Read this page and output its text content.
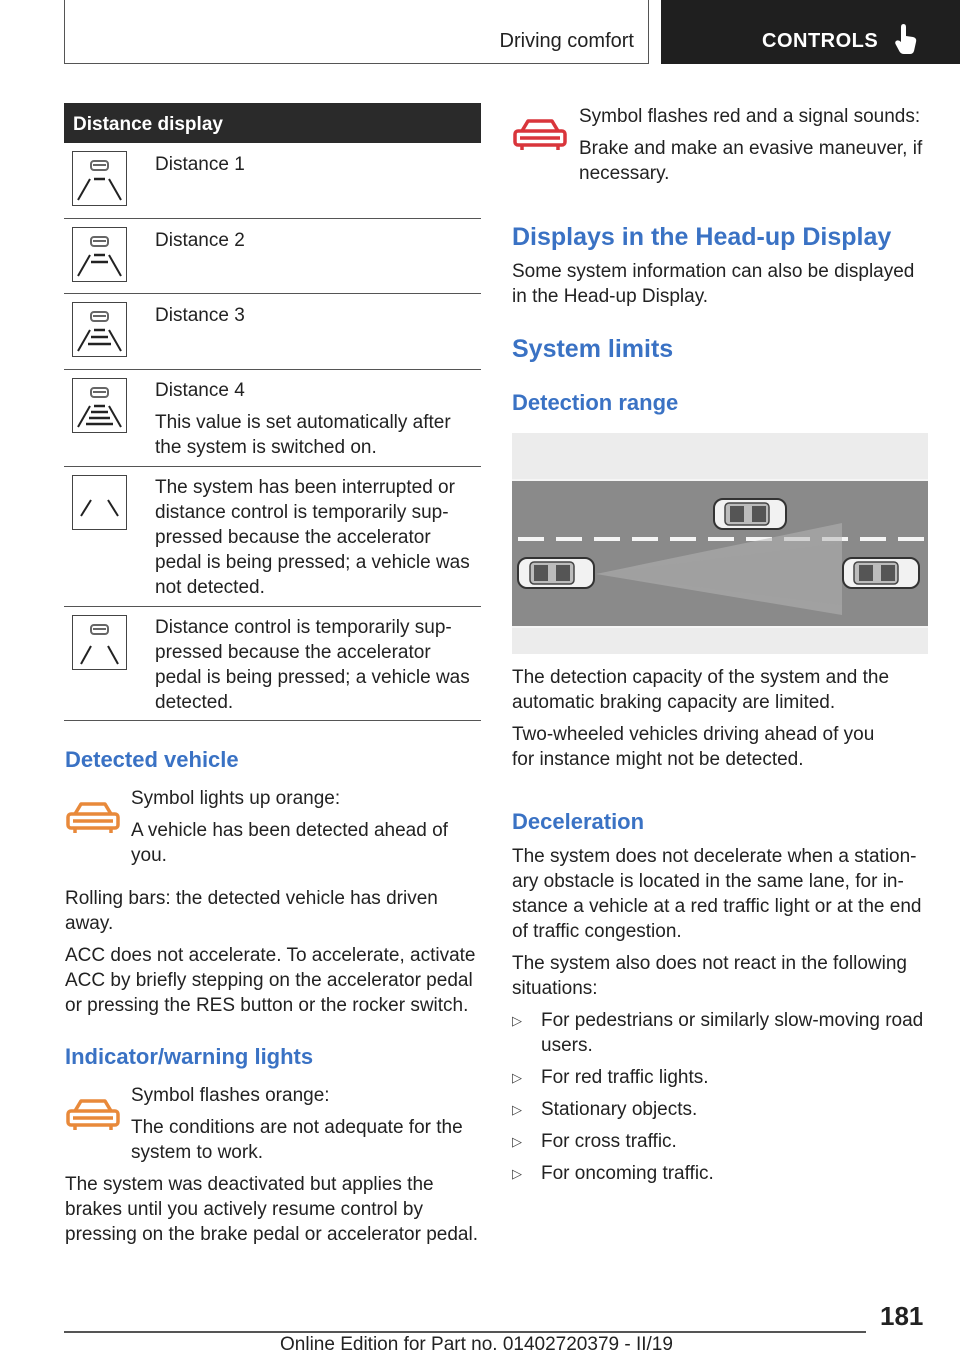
Driving comfort	CONTROLS
Distance display

Distance 1

Distance 2

Distance 3

Distance 4

This value is set automatically after the system is switched on.

The system has been interrupted or distance control is temporarily sup‐ pressed because the accelerator pedal is being pressed; a vehicle was not detected.

Distance control is temporarily sup‐ pressed because the accelerator pedal is being pressed; a vehicle was detected.

Detected vehicle

Symbol lights up orange:

A vehicle has been detected ahead of you.

Rolling bars: the detected vehicle has driven away.

ACC does not accelerate. To accelerate, activate ACC by briefly stepping on the accelerator pedal or pressing the RES button or the rocker switch.

Indicator/warning lights

Symbol flashes orange:

The conditions are not adequate for the system to work.

The system was deactivated but applies the brakes until you actively resume control by pressing on the brake pedal or accelerator pedal.

Symbol flashes red and a signal sounds:

Brake and make an evasive maneuver, if necessary.

Displays in the Head-up Display

Some system information can also be displayed in the Head-up Display.

System limits
Detection range

The detection capacity of the system and the automatic braking capacity are limited.

Two-wheeled vehicles driving ahead of you for instance might not be detected.

Deceleration

The system does not decelerate when a station‐ ary obstacle is located in the same lane, for in‐ stance a vehicle at a red traffic light or at the end of traffic congestion.

The system also does not react in the following situations:

▷ For pedestrians or similarly slow-moving road users.
▷ For red traffic lights.
▷ Stationary objects.
▷ For cross traffic.
▷ For oncoming traffic.
181
Online Edition for Part no. 01402720379 - II/19
